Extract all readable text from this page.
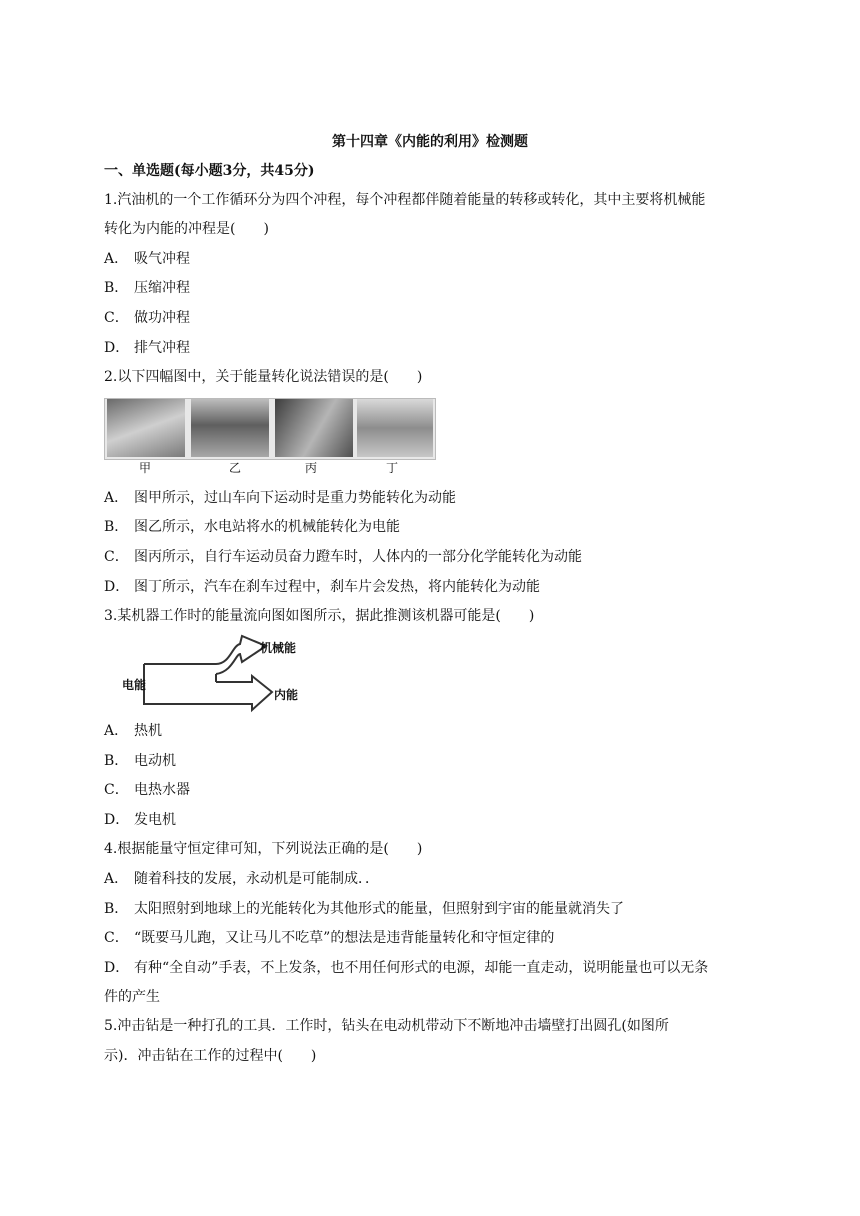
第十四章《内能的利用》检测题
一、单选题(每小题3分，共45分)
1.汽油机的一个工作循环分为四个冲程，每个冲程都伴随着能量的转移或转化，其中主要将机械能
转化为内能的冲程是(　　)
A． 吸气冲程
B． 压缩冲程
C． 做功冲程
D． 排气冲程
2.以下四幅图中，关于能量转化说法错误的是(　　)
甲	乙	丙	丁
A． 图甲所示，过山车向下运动时是重力势能转化为动能
B． 图乙所示，水电站将水的机械能转化为电能
C． 图丙所示，自行车运动员奋力蹬车时，人体内的一部分化学能转化为动能
D． 图丁所示，汽车在刹车过程中，刹车片会发热，将内能转化为动能
3.某机器工作时的能量流向图如图所示，据此推测该机器可能是(　　)
电能
机械能
内能
A． 热机
B． 电动机
C． 电热水器
D． 发电机
4.根据能量守恒定律可知，下列说法正确的是(　　)
A． 随着科技的发展，永动机是可能制成．．
B． 太阳照射到地球上的光能转化为其他形式的能量，但照射到宇宙的能量就消失了
C． “既要马儿跑，又让马儿不吃草”的想法是违背能量转化和守恒定律的
D． 有种“全自动”手表，不上发条，也不用任何形式的电源，却能一直走动，说明能量也可以无条
件的产生
5.冲击钻是一种打孔的工具．工作时，钻头在电动机带动下不断地冲击墙壁打出圆孔(如图所
示)．冲击钻在工作的过程中(　　)
